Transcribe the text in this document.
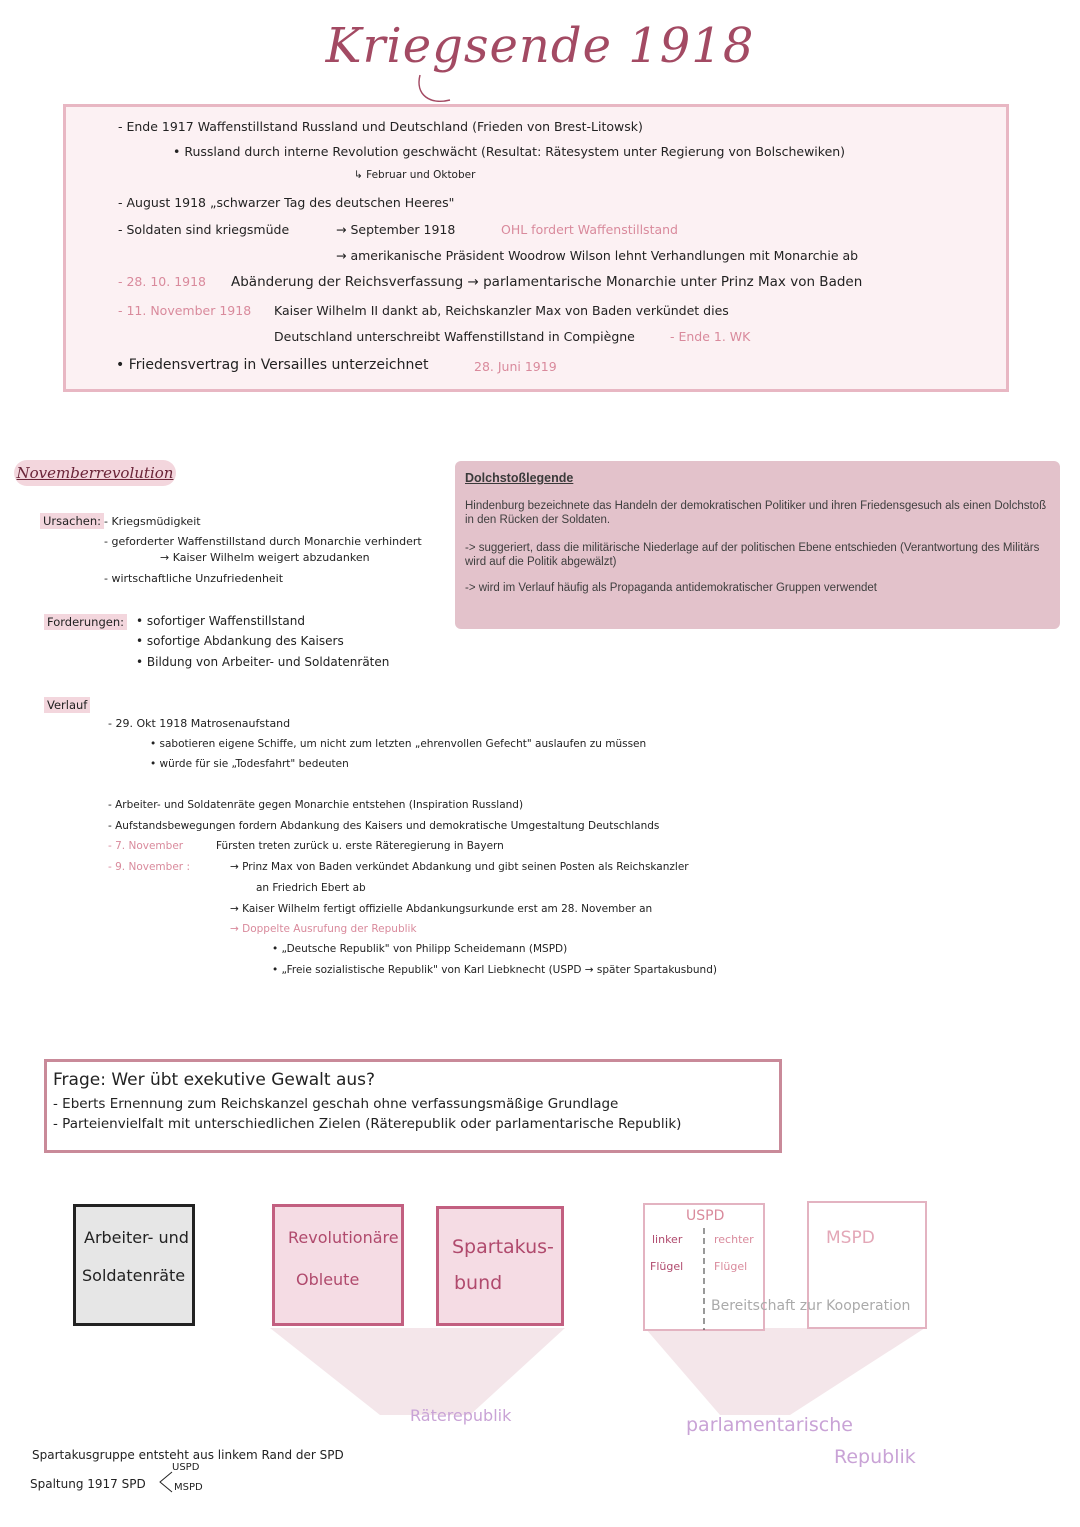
Kriegsende 1918
- Ende 1917 Waffenstillstand Russland und Deutschland (Frieden von Brest-Litowsk)
• Russland durch interne Revolution geschwächt (Resultat: Rätesystem unter Regierung von Bolschewiken)
↳ Februar und Oktober
- August 1918 „schwarzer Tag des deutschen Heeres"
- Soldaten sind kriegsmüde	→ September 1918	OHL fordert Waffenstillstand
→ amerikanische Präsident Woodrow Wilson lehnt Verhandlungen mit Monarchie ab
- 28. 10. 1918 Abänderung der Reichsverfassung → parlamentarische Monarchie unter Prinz Max von Baden
- 11. November 1918 Kaiser Wilhelm II dankt ab, Reichskanzler Max von Baden verkündet dies
Deutschland unterschreibt Waffenstillstand in Compiègne	- Ende 1. WK
• Friedensvertrag in Versailles unterzeichnet	28. Juni 1919
Novemberrevolution	Dolchstoßlegende

Hindenburg bezeichnete das Handeln der demokratischen Politiker und ihren Friedensgesuch als einen Dolchstoß in den Rücken der Soldaten.

-> suggeriert, dass die militärische Niederlage auf der politischen Ebene entschieden (Verantwortung des Militärs wird auf die Politik abgewälzt)

-> wird im Verlauf häufig als Propaganda antidemokratischer Gruppen verwendet

Ursachen: - Kriegsmüdigkeit
- geforderter Waffenstillstand durch Monarchie verhindert
→ Kaiser Wilhelm weigert abzudanken
- wirtschaftliche Unzufriedenheit
Forderungen: • sofortiger Waffenstillstand
• sofortige Abdankung des Kaisers
• Bildung von Arbeiter- und Soldatenräten
Verlauf
- 29. Okt 1918 Matrosenaufstand
• sabotieren eigene Schiffe, um nicht zum letzten „ehrenvollen Gefecht" auslaufen zu müssen
• würde für sie „Todesfahrt" bedeuten
- Arbeiter- und Soldatenräte gegen Monarchie entstehen (Inspiration Russland)
- Aufstandsbewegungen fordern Abdankung des Kaisers und demokratische Umgestaltung Deutschlands
- 7. November	Fürsten treten zurück u. erste Räteregierung in Bayern
- 9. November :	→ Prinz Max von Baden verkündet Abdankung und gibt seinen Posten als Reichskanzler
an Friedrich Ebert ab
→ Kaiser Wilhelm fertigt offizielle Abdankungsurkunde erst am 28. November an
→ Doppelte Ausrufung der Republik
• „Deutsche Republik" von Philipp Scheidemann (MSPD)
• „Freie sozialistische Republik" von Karl Liebknecht (USPD → später Spartakusbund)
Frage: Wer übt exekutive Gewalt aus?
- Eberts Ernennung zum Reichskanzel geschah ohne verfassungsmäßige Grundlage
- Parteienvielfalt mit unterschiedlichen Zielen (Räterepublik oder parlamentarische Republik)
Arbeiter- und
Soldatenräte
Revolutionäre
Obleute
Spartakus-
bund
USPD
linker
Flügel
rechter
Flügel
MSPD
Bereitschaft zur Kooperation
Räterepublik	parlamentarische
Republik
Spartakusgruppe entsteht aus linkem Rand der SPD
Spaltung 1917 SPD
USPD
MSPD
